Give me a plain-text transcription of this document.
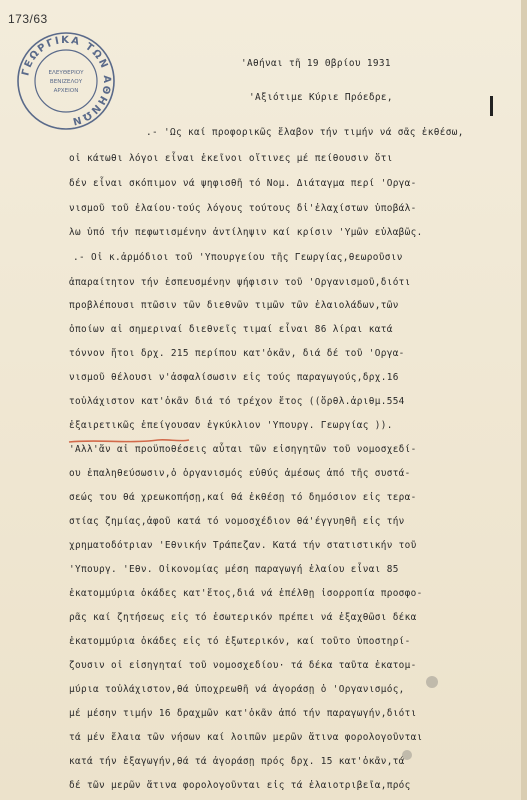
173/63
ΓΕΩΡΓΙΚΑ ΤΩΝ ΑΘΗΝΩΝ
ΕΛΕΥΘΕΡΙΟΥ
ΒΕΝΙΖΕΛΟΥ
ΑΡΧΕΙΟΝ
'Αθήναι τῆ 19 Θβρίου 1931
'Αξιότιμε Κύριε Πρόεδρε,
.- 'Ως καί προφορικῶς ἔλαβον τήν τιμήν νά σᾶς ἐκθέσω,
οἱ κάτωθι λόγοι εἶναι ἐκεῖνοι οἵτινες μέ πείθουσιν ὅτι
δέν εἶναι σκόπιμον νά ψηφισθῆ τό Νομ. Διάταγμα περί 'Οργα-
νισμοῦ τοῦ ἐλαίου·τούς λόγους τούτους δἰ'ἐλαχίστων ὑποβάλ-
λω ὑπό τήν πεφωτισμένην ἀντίληψιν καί κρίσιν 'Υμῶν εὐλαβῶς.
.- Οἱ κ.ἁρμόδιοι τοῦ 'Υπουργείου τῆς Γεωργίας,θεωροῦσιν
ἀπαραίτητον τήν ἐσπευσμένην ψήφισιν τοῦ 'Οργανισμοῦ,διότι
προβλέπουσι πτῶσιν τῶν διεθνῶν τιμῶν τῶν ἐλαιολάδων,τῶν
ὁποίων αἱ σημεριναί διεθνεῖς τιμαί εἶναι 86 λίραι κατά
τόννον ἤτοι δρχ. 215 περίπου κατ'ὀκᾶν, διά δέ τοῦ 'Οργα-
νισμοῦ θέλουσι ν'ἀσφαλίσωσιν εἰς τούς παραγωγούς,δρχ.16
τοὐλάχιστον κατ'ὀκᾶν διά τό τρέχον ἔτος ((ὅρθλ.ἀριθμ.554
ἐξαιρετικῶς ἐπείγουσαν ἐγκύκλιον 'Υπουργ. Γεωργίας )).
'Αλλ'ἄν αἱ προϋποθέσεις αὗται τῶν εἰσηγητῶν τοῦ νομοσχεδί-
ου ἐπαληθεύσωσιν,ὁ ὀργανισμός εὐθύς ἀμέσως ἀπό τῆς συστά-
σεώς του θά χρεωκοπήσῃ,καί θά ἐκθέσῃ τό δημόσιον εἰς τερα-
στίας ζημίας,ἀφοῦ κατά τό νομοσχέδιον θά'έγγυηθῆ εἰς τήν
χρηματοδότριαν 'Εθνικήν Τράπεζαν. Κατά τήν στατιστικήν τοῦ
'Υπουργ. 'Εθν. Οἰκονομίας μέση παραγωγή ἐλαίου εἶναι 85
ἑκατομμύρια ὀκάδες κατ'ἔτος,διά νά ἐπέλθῃ ἰσορροπία προσφο-
ρᾶς καί ζητήσεως εἰς τό ἐσωτερικόν πρέπει νά ἐξαχθῶσι δέκα
ἑκατομμύρια ὀκάδες εἰς τό ἐξωτερικόν, καί τοῦτο ὑποστηρί-
ζουσιν οἱ εἰσηγηταί τοῦ νομοσχεδίου· τά δέκα ταῦτα ἑκατομ-
μύρια τοὐλάχιστον,θά ὑποχρεωθῆ νά ἀγοράσῃ ὁ 'Οργανισμός,
μέ μέσην τιμήν 16 δραχμῶν κατ'ὀκᾶν ἀπό τήν παραγωγήν,διότι
τά μέν ἔλαια τῶν νήσων καί λοιπῶν μερῶν ἅτινα φορολογοῦνται
κατά τήν ἐξαγωγήν,θά τά ἀγοράσῃ πρός δρχ. 15 κατ'ὀκᾶν,τά
δέ τῶν μερῶν ἅτινα φορολογοῦνται εἰς τά ἐλαιοτριβεῖα,πρός
